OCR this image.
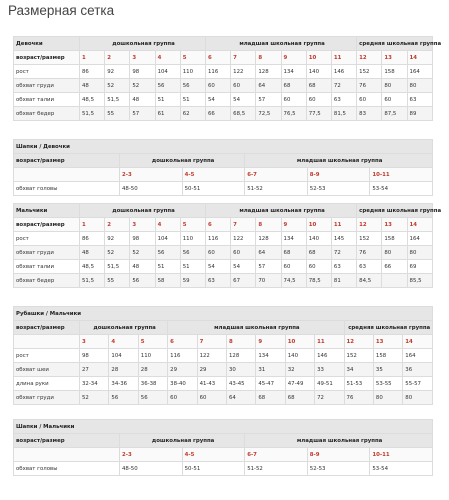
Размерная сетка
Девочки	дошкольная группа					младшая школьная группа						средняя школьная группа		
возраст/размер	1	2	3	4	5	6	7	8	9	10	11	12	13	14
рост	86	92	98	104	110	116	122	128	134	140	146	152	158	164
обхват груди	48	52	52	56	56	60	60	64	68	68	72	76	80	80
обхват талии	48,5	51,5	48	51	51	54	54	57	60	60	63	60	60	63
обхват бедер	51,5	55	57	61	62	66	68,5	72,5	76,5	77,5	81,5	83	87,5	89
Шапки / Девочки					
возраст/размер	дошкольная группа		младшая школьная группа		
	2-3	4-5	6-7	8-9	10-11
обхват головы	48-50	50-51	51-52	52-53	53-54
Мальчики	дошкольная группа					младшая школьная группа						средняя школьная группа		
возраст/размер	1	2	3	4	5	6	7	8	9	10	11	12	13	14
рост	86	92	98	104	110	116	122	128	134	140	145	152	158	164
обхват груди	48	52	52	56	56	60	60	64	68	68	72	76	80	80
обхват талии	48,5	51,5	48	51	51	54	54	57	60	60	63	63	66	69
обхват бедер	51,5	55	56	58	59	63	67	70	74,5	78,5	81	84,5		85,5
Рубашки / Мальчики												
возраст/размер	дошкольная группа			младшая школьная группа						средняя школьная группа		
	3	4	5	6	7	8	9	10	11	12	13	14
рост	98	104	110	116	122	128	134	140	146	152	158	164
обхват шеи	27	28	28	29	29	30	31	32	33	34	35	36
длина руки	32-34	34-36	36-38	38-40	41-43	43-45	45-47	47-49	49-51	51-53	53-55	55-57
обхват груди	52	56	56	60	60	64	68	68	72	76	80	80
Шапки / Мальчики					
возраст/размер	дошкольная группа		младшая школьная группа		
	2-3	4-5	6-7	8-9	10-11
обхват головы	48-50	50-51	51-52	52-53	53-54
